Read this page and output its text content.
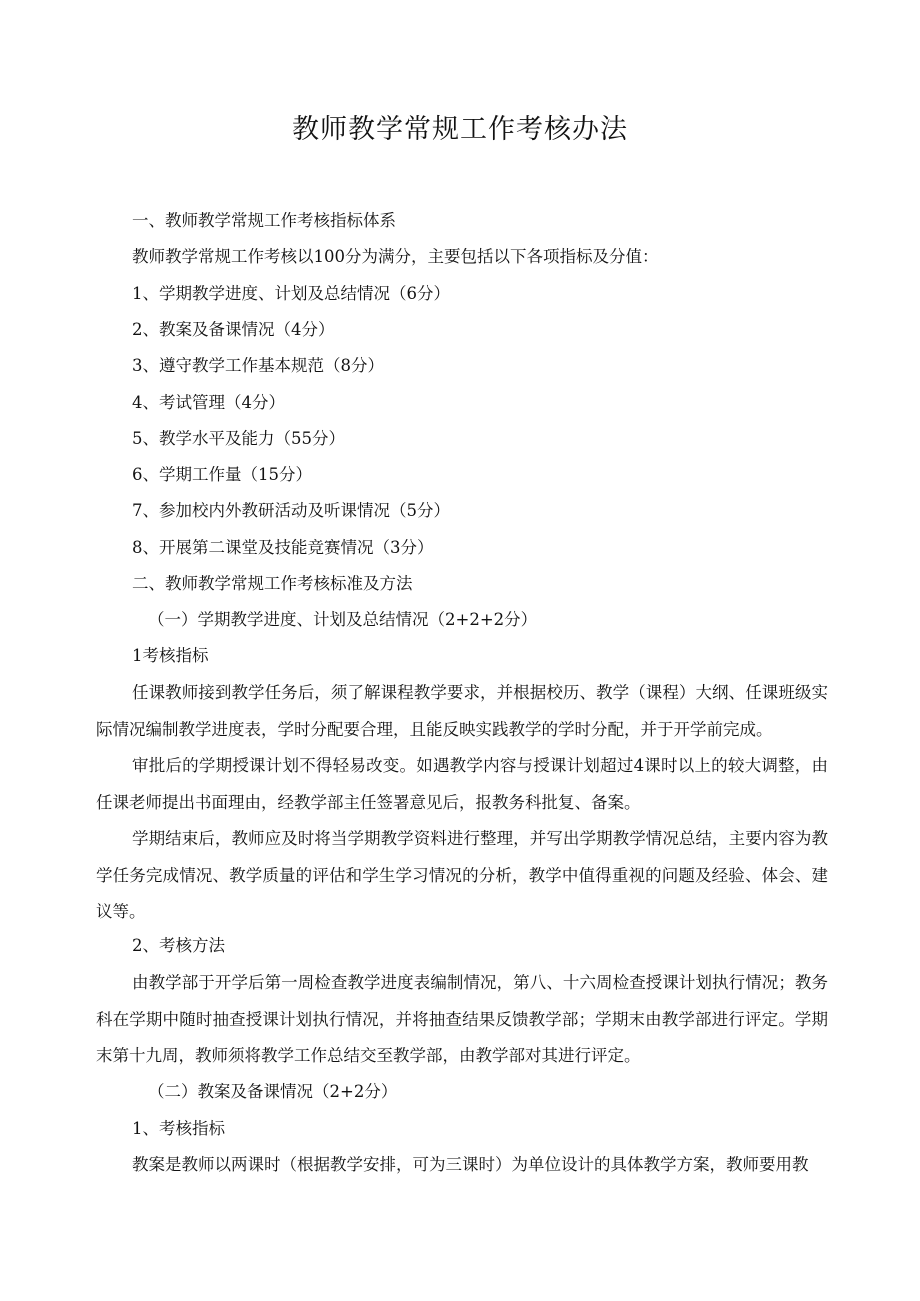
教师教学常规工作考核办法
一、教师教学常规工作考核指标体系
教师教学常规工作考核以100分为满分，主要包括以下各项指标及分值：
1、学期教学进度、计划及总结情况（6分）
2、教案及备课情况（4分）
3、遵守教学工作基本规范（8分）
4、考试管理（4分）
5、教学水平及能力（55分）
6、学期工作量（15分）
7、参加校内外教研活动及听课情况（5分）
8、开展第二课堂及技能竞赛情况（3分）
二、教师教学常规工作考核标准及方法
（一）学期教学进度、计划及总结情况（2+2+2分）
1考核指标
任课教师接到教学任务后，须了解课程教学要求，并根据校历、教学（课程）大纲、任课班级实际情况编制教学进度表，学时分配要合理，且能反映实践教学的学时分配，并于开学前完成。
审批后的学期授课计划不得轻易改变。如遇教学内容与授课计划超过4课时以上的较大调整，由任课老师提出书面理由，经教学部主任签署意见后，报教务科批复、备案。
学期结束后，教师应及时将当学期教学资料进行整理，并写出学期教学情况总结，主要内容为教学任务完成情况、教学质量的评估和学生学习情况的分析，教学中值得重视的问题及经验、体会、建议等。
2、考核方法
由教学部于开学后第一周检查教学进度表编制情况，第八、十六周检查授课计划执行情况；教务科在学期中随时抽查授课计划执行情况，并将抽查结果反馈教学部；学期末由教学部进行评定。学期末第十九周，教师须将教学工作总结交至教学部，由教学部对其进行评定。
（二）教案及备课情况（2+2分）
1、考核指标
教案是教师以两课时（根据教学安排，可为三课时）为单位设计的具体教学方案，教师要用教
